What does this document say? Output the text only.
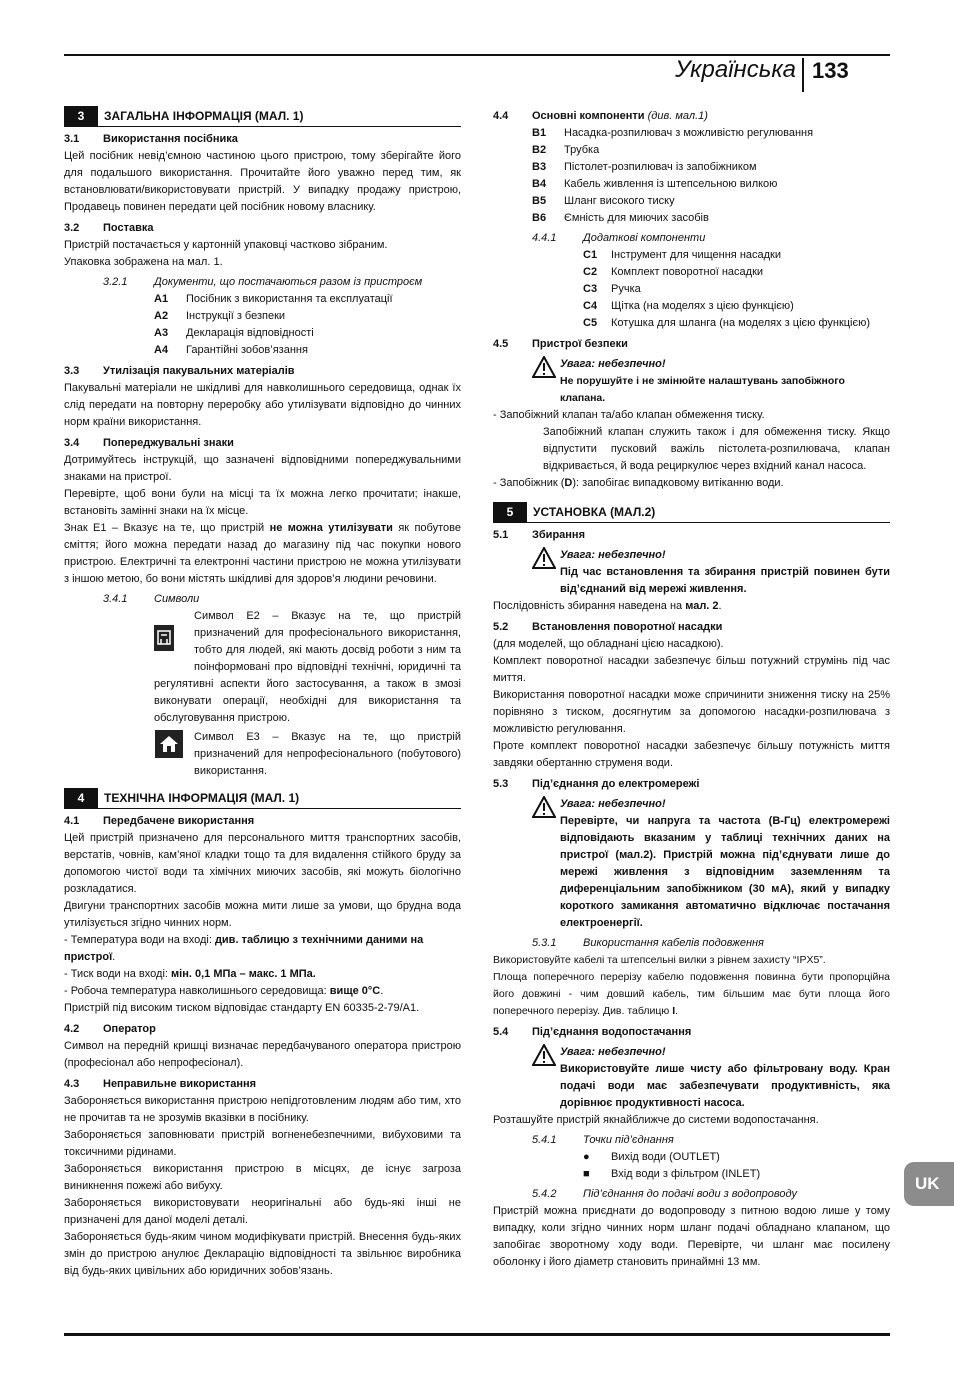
Українська 133
3	ЗАГАЛЬНА ІНФОРМАЦІЯ (МАЛ. 1)
3.1	Використання посібника

Цей посібник невід’ємною частиною цього пристрою, тому зберігайте його для подальшого використання. Прочитайте його уважно перед тим, як встановлювати/використовувати пристрій. У випадку продажу пристрою, Продавець повинен передати цей посібник новому власнику.

3.2	Поставка

Пристрій постачається у картонній упаковці частково зібраним.

Упаковка зображена на мал. 1.

3.2.1	Документи, що постачаються разом із пристроєм
A1	Посібник з використання та експлуатації
A2	Інструкції з безпеки
A3	Декларація відповідності
A4	Гарантійні зобов’язання
3.3	Утилізація пакувальних матеріалів

Пакувальні матеріали не шкідливі для навколишнього середовища, однак їх слід передати на повторну переробку або утилізувати відповідно до чинних норм країни використання.

3.4	Попереджувальні знаки

Дотримуйтесь інструкцій, що зазначені відповідними попереджувальними знаками на пристрої.

Перевірте, щоб вони були на місці та їх можна легко прочитати; інакше, встановіть замінні знаки на їх місце.

Знак E1 – Вказує на те, що пристрій не можна утилізувати як побутове сміття; його можна передати назад до магазину під час покупки нового пристрою. Електричні та електронні частини пристрою не можна утилізувати з іншою метою, бо вони містять шкідливі для здоров’я людини речовини.

3.4.1	Символи

Символ E2 – Вказує на те, що пристрій призначений для професіонального використання, тобто для людей, які мають досвід роботи з ним та поінформовані про відповідні технічні, юридичні та регулятивні аспекти його застосування, а також в змозі виконувати операції, необхідні для використання та обслуговування пристрою.

Символ E3 – Вказує на те, що пристрій призначений для непрофесіонального (побутового) використання.

4	ТЕХНІЧНА ІНФОРМАЦІЯ (МАЛ. 1)
4.1	Передбачене використання

Цей пристрій призначено для персонального миття транспортних засобів, верстатів, човнів, кам’яної кладки тощо та для видалення стійкого бруду за допомогою чистої води та хімічних миючих засобів, які можуть біологічно розкладатися.

Двигуни транспортних засобів можна мити лише за умови, що брудна вода утилізується згідно чинних норм.

- Температура води на вході: див. таблицю з технічними даними на пристрої.

- Тиск води на вході: мін. 0,1 МПа – макс. 1 МПа.

- Робоча температура навколишнього середовища: вище 0°C.

Пристрій під високим тиском відповідає стандарту EN 60335-2-79/A1.

4.2	Оператор

Символ на передній кришці визначає передбачуваного оператора пристрою (професіонал або непрофесіонал).

4.3	Неправильне використання

Забороняється використання пристрою непідготовленим людям або тим, хто не прочитав та не зрозумів вказівки в посібнику.

Забороняється заповнювати пристрій вогненебезпечними, вибуховими та токсичними рідинами.

Забороняється використання пристрою в місцях, де існує загроза виникнення пожежі або вибуху.

Забороняється використовувати неоригінальні або будь-які інші не призначені для даної моделі деталі.

Забороняється будь-яким чином модифікувати пристрій. Внесення будь-яких змін до пристрою анулює Декларацію відповідності та звільнює виробника від будь-яких цивільних або юридичних зобов’язань.

4.4	Основні компоненти
(див. мал.1)
B1	Насадка-розпилювач з можливістю регулювання
B2	Трубка
B3	Пістолет-розпилювач із запобіжником
B4	Кабель живлення із штепсельною вилкою
B5	Шланг високого тиску
B6	Ємність для миючих засобів
4.4.1	Додаткові компоненти
C1	Інструмент для чищення насадки
C2	Комплект поворотної насадки
C3	Ручка
C4	Щітка (на моделях з цією функцією)
C5	Котушка для шланга (на моделях з цією функцією)
4.5	Пристрої безпеки
Увага: небезпечно!
Не порушуйте і не змінюйте налаштувань запобіжного клапана.

- Запобіжний клапан та/або клапан обмеження тиску.

Запобіжний клапан служить також і для обмеження тиску. Якщо відпустити пусковий важіль пістолета-розпилювача, клапан відкривається, й вода рециркулює через вхідний канал насоса.

- Запобіжник (D): запобігає випадковому витіканню води.

5	УСТАНОВКА (МАЛ.2)
5.1	Збирання
Увага: небезпечно!
Під час встановлення та збирання пристрій повинен бути від’єднаний від мережі живлення.

Послідовність збирання наведена на мал. 2.

5.2	Встановлення поворотної насадки

(для моделей, що обладнані цією насадкою).

Комплект поворотної насадки забезпечує більш потужний струмінь під час миття.

Використання поворотної насадки може спричинити зниження тиску на 25% порівняно з тиском, досягнутим за допомогою насадки-розпилювача з можливістю регулювання.

Проте комплект поворотної насадки забезпечує більшу потужність миття завдяки обертанню струменя води.

5.3	Під’єднання до електромережі
Увага: небезпечно!
Перевірте, чи напруга та частота (В-Гц) електромережі відповідають вказаним у таблиці технічних даних на пристрої (мал.2). Пристрій можна під’єднувати лише до мережі живлення з відповідним заземленням та диференціальним запобіжником (30 мА), який у випадку короткого замикання автоматично відключає постачання електроенергії.
5.3.1	Використання кабелів подовження

Використовуйте кабелі та штепсельні вилки з рівнем захисту “IPX5”.

Площа поперечного перерізу кабелю подовження повинна бути пропорційна його довжині - чим довший кабель, тим більшим має бути площа його поперечного перерізу. Див. таблицю I.

5.4	Під’єднання водопостачання
Увага: небезпечно!
Використовуйте лише чисту або фільтровану воду. Кран подачі води має забезпечувати продуктивність, яка дорівнює продуктивності насоса.

Розташуйте пристрій якнайближче до системи водопостачання.

5.4.1	Точки під’єднання
●	Вихід води (OUTLET)
■	Вхід води з фільтром (INLET)
5.4.2	Під’єднання до подачі води з водопроводу

Пристрій можна приєднати до водопроводу з питною водою лише у тому випадку, коли згідно чинних норм шланг подачі обладнано клапаном, що запобігає зворотному ходу води. Перевірте, чи шланг має посилену оболонку і його діаметр становить принаймні 13 мм.

UK
